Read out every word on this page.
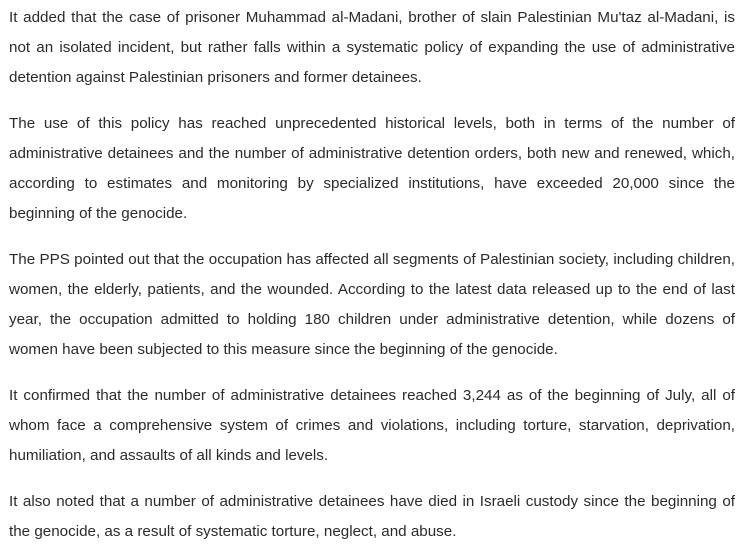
It added that the case of prisoner Muhammad al-Madani, brother of slain Palestinian Mu'taz al-Madani, is not an isolated incident, but rather falls within a systematic policy of expanding the use of administrative detention against Palestinian prisoners and former detainees.

The use of this policy has reached unprecedented historical levels, both in terms of the number of administrative detainees and the number of administrative detention orders, both new and renewed, which, according to estimates and monitoring by specialized institutions, have exceeded 20,000 since the beginning of the genocide.

The PPS pointed out that the occupation has affected all segments of Palestinian society, including children, women, the elderly, patients, and the wounded. According to the latest data released up to the end of last year, the occupation admitted to holding 180 children under administrative detention, while dozens of women have been subjected to this measure since the beginning of the genocide.

It confirmed that the number of administrative detainees reached 3,244 as of the beginning of July, all of whom face a comprehensive system of crimes and violations, including torture, starvation, deprivation, humiliation, and assaults of all kinds and levels.

It also noted that a number of administrative detainees have died in Israeli custody since the beginning of the genocide, as a result of systematic torture, neglect, and abuse.
